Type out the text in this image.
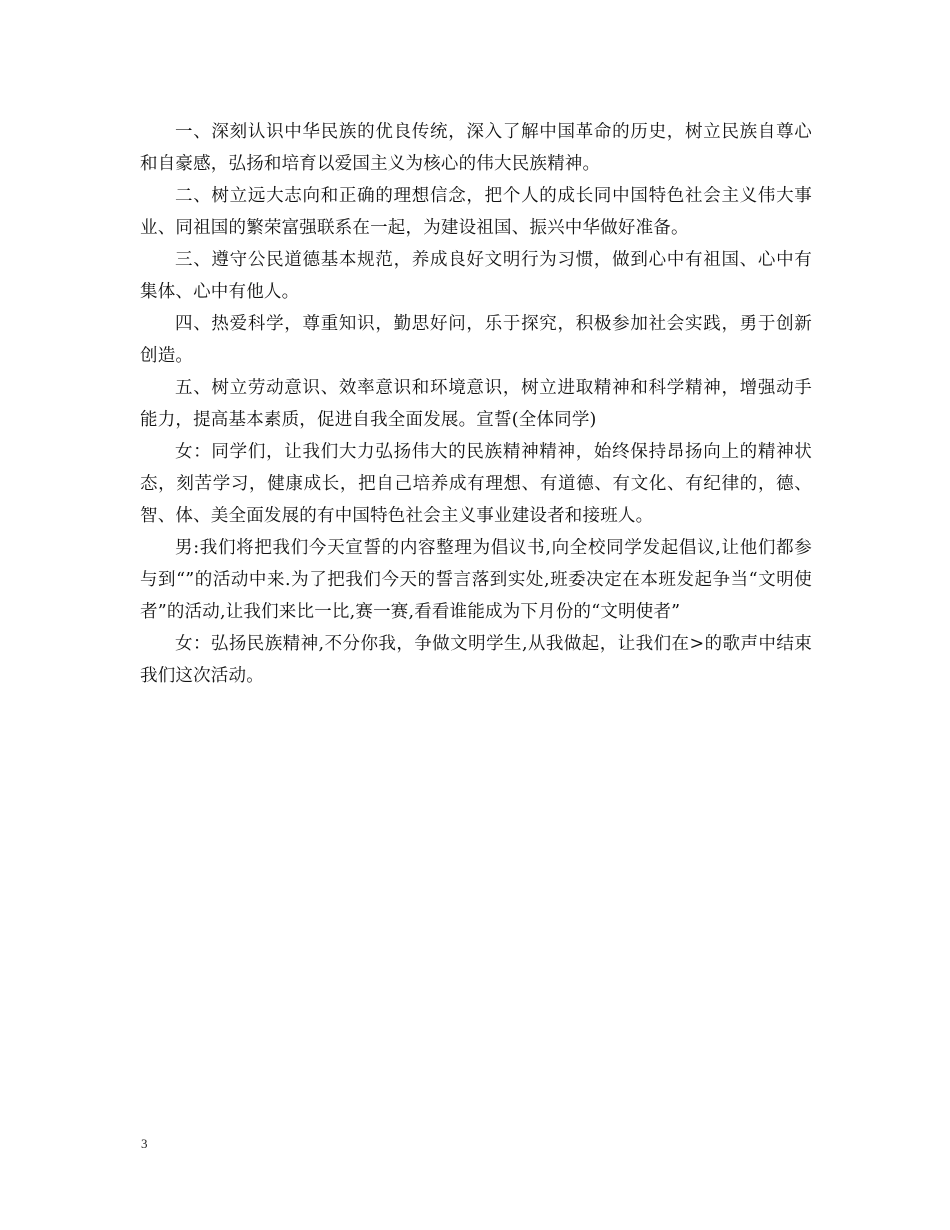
一、深刻认识中华民族的优良传统，深入了解中国革命的历史，树立民族自尊心和自豪感，弘扬和培育以爱国主义为核心的伟大民族精神。

二、树立远大志向和正确的理想信念，把个人的成长同中国特色社会主义伟大事业、同祖国的繁荣富强联系在一起，为建设祖国、振兴中华做好准备。

三、遵守公民道德基本规范，养成良好文明行为习惯，做到心中有祖国、心中有集体、心中有他人。

四、热爱科学，尊重知识，勤思好问，乐于探究，积极参加社会实践，勇于创新创造。

五、树立劳动意识、效率意识和环境意识，树立进取精神和科学精神，增强动手能力，提高基本素质，促进自我全面发展。宣誓(全体同学)

女：同学们，让我们大力弘扬伟大的民族精神精神，始终保持昂扬向上的精神状态，刻苦学习，健康成长，把自己培养成有理想、有道德、有文化、有纪律的，德、智、体、美全面发展的有中国特色社会主义事业建设者和接班人。

男:我们将把我们今天宣誓的内容整理为倡议书,向全校同学发起倡议,让他们都参与到“”的活动中来.为了把我们今天的誓言落到实处,班委决定在本班发起争当“文明使者”的活动,让我们来比一比,赛一赛,看看谁能成为下月份的“文明使者”

女：弘扬民族精神,不分你我，争做文明学生,从我做起，让我们在>的歌声中结束我们这次活动。

3
